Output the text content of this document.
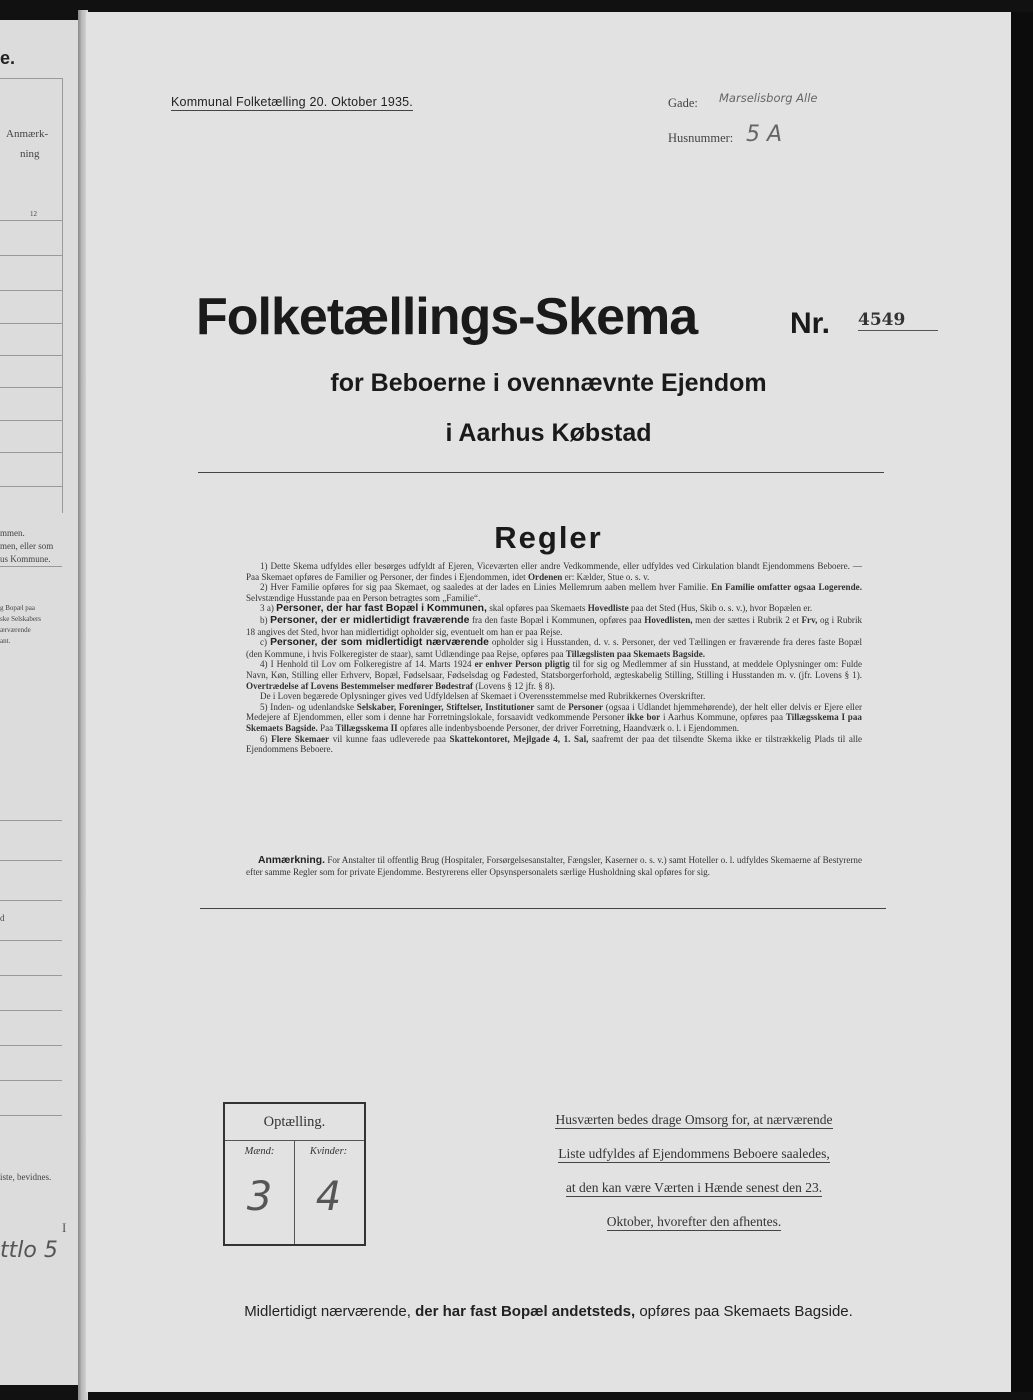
e.
Anmærk-
ning
12
mmen.
men, eller som
us Kommune.
g Bopæl paa
ske Selskabers
ærværende
ant.
d
iste, bevidnes.
ttlo 5
I
Kommunal Folketælling 20. Oktober 1935.	Gade: Marselisborg Alle
Husnummer: 5 A
Folketællings-Skema	Nr. 4549
for Beboerne i ovennævnte Ejendom
i Aarhus Købstad
Regler

1) Dette Skema udfyldes eller besørges udfyldt af Ejeren, Viceværten eller andre Vedkommende, eller udfyldes ved Cirkulation blandt Ejendommens Beboere. — Paa Skemaet opføres de Familier og Personer, der findes i Ejendommen, idet Ordenen er: Kælder, Stue o. s. v.

2) Hver Familie opføres for sig paa Skemaet, og saaledes at der lades en Linies Mellemrum aaben mellem hver Familie. En Familie omfatter ogsaa Logerende. Selvstændige Husstande paa en Person betragtes som „Familie“.

3 a) Personer, der har fast Bopæl i Kommunen, skal opføres paa Skemaets Hovedliste paa det Sted (Hus, Skib o. s. v.), hvor Bopælen er.

b) Personer, der er midlertidigt fraværende fra den faste Bopæl i Kommunen, opføres paa Hovedlisten, men der sættes i Rubrik 2 et Frv, og i Rubrik 18 angives det Sted, hvor han midlertidigt opholder sig, eventuelt om han er paa Rejse.

c) Personer, der som midlertidigt nærværende opholder sig i Husstanden, d. v. s. Personer, der ved Tællingen er fraværende fra deres faste Bopæl (den Kommune, i hvis Folkeregister de staar), samt Udlændinge paa Rejse, opføres paa Tillægslisten paa Skemaets Bagside.

4) I Henhold til Lov om Folkeregistre af 14. Marts 1924 er enhver Person pligtig til for sig og Medlemmer af sin Husstand, at meddele Oplysninger om: Fulde Navn, Køn, Stilling eller Erhverv, Bopæl, Fødselsaar, Fødselsdag og Fødested, Statsborgerforhold, ægteskabelig Stilling, Stilling i Husstanden m. v. (jfr. Lovens § 1). Overtrædelse af Lovens Bestemmelser medfører Bødestraf (Lovens § 12 jfr. § 8).

De i Loven begærede Oplysninger gives ved Udfyldelsen af Skemaet i Overensstemmelse med Rubrikkernes Overskrifter.

5) Inden- og udenlandske Selskaber, Foreninger, Stiftelser, Institutioner samt de Personer (ogsaa i Udlandet hjemmehørende), der helt eller delvis er Ejere eller Medejere af Ejendommen, eller som i denne har Forretningslokale, forsaavidt vedkommende Personer ikke bor i Aarhus Kommune, opføres paa Tillægsskema I paa Skemaets Bagside. Paa Tillægsskema II opføres alle indenbysboende Personer, der driver Forretning, Haandværk o. l. i Ejendommen.

6) Flere Skemaer vil kunne faas udleverede paa Skattekontoret, Mejlgade 4, 1. Sal, saafremt der paa det tilsendte Skema ikke er tilstrækkelig Plads til alle Ejendommens Beboere.

Anmærkning. For Anstalter til offentlig Brug (Hospitaler, Forsørgelsesanstalter, Fængsler, Kaserner o. s. v.) samt Hoteller o. l. udfyldes Skemaerne af Bestyrerne efter samme Regler som for private Ejendomme. Bestyrerens eller Opsynspersonalets særlige Husholdning skal opføres for sig.

Optælling.
Mænd:	Kvinder:
3	4
Husværten bedes drage Omsorg for, at nærværende
Liste udfyldes af Ejendommens Beboere saaledes,
at den kan være Værten i Hænde senest den 23.
Oktober, hvorefter den afhentes.
Midlertidigt nærværende, der har fast Bopæl andetsteds, opføres paa Skemaets Bagside.
